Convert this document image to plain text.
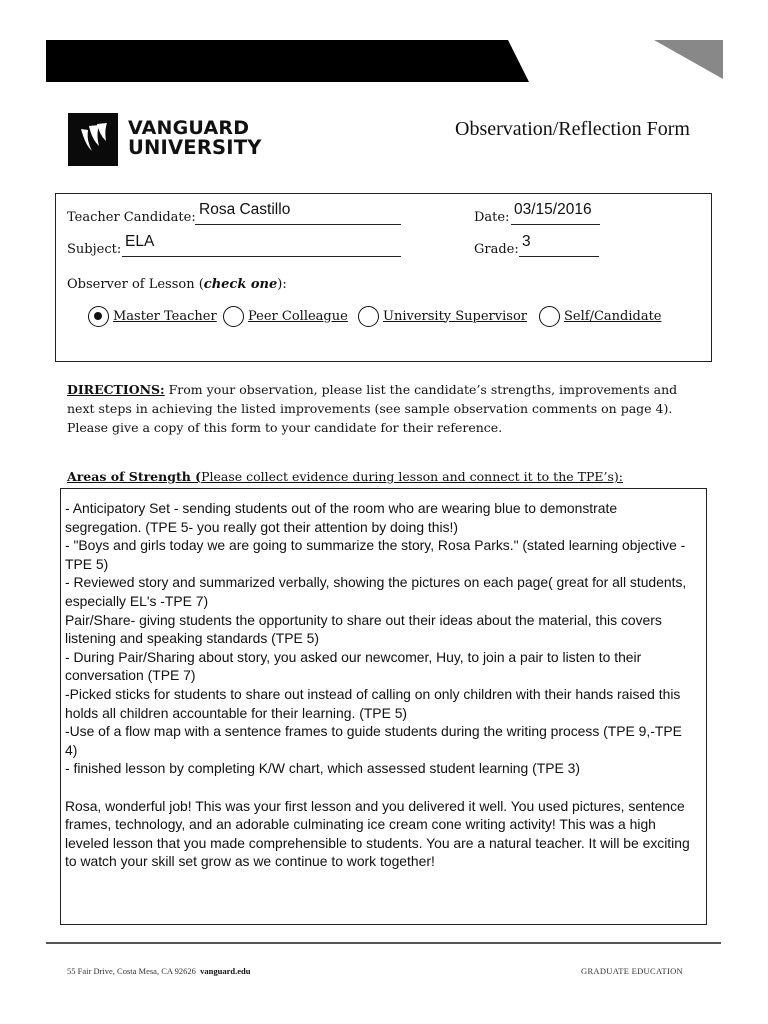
VANGUARD
UNIVERSITY
Observation/Reflection Form
Teacher Candidate: Rosa Castillo	Date: 03/15/2016
Subject: ELA	Grade: 3
Observer of Lesson (check one):
Master Teacher Peer Colleague	University Supervisor	Self/Candidate
DIRECTIONS: From your observation, please list the candidate’s strengths, improvements and next steps in achieving the listed improvements (see sample observation comments on page 4). Please give a copy of this form to your candidate for their reference.
Areas of Strength (Please collect evidence during lesson and connect it to the TPE’s):

- Anticipatory Set - sending students out of the room who are wearing blue to demonstrate segregation. (TPE 5- you really got their attention by doing this!)

- "Boys and girls today we are going to summarize the story, Rosa Parks." (stated learning objective -TPE 5)

- Reviewed story and summarized verbally, showing the pictures on each page( great for all students, especially EL's -TPE 7)

Pair/Share- giving students the opportunity to share out their ideas about the material, this covers listening and speaking standards (TPE 5)

- During Pair/Sharing about story, you asked our newcomer, Huy, to join a pair to listen to their conversation (TPE 7)

-Picked sticks for students to share out instead of calling on only children with their hands raised this holds all children accountable for their learning. (TPE 5)

-Use of a flow map with a sentence frames to guide students during the writing process (TPE 9,-TPE 4)

- finished lesson by completing K/W chart, which assessed student learning (TPE 3)

Rosa, wonderful job! This was your first lesson and you delivered it well. You used pictures, sentence frames, technology, and an adorable culminating ice cream cone writing activity! This was a high leveled lesson that you made comprehensible to students. You are a natural teacher. It will be exciting to watch your skill set grow as we continue to work together!

55 Fair Drive, Costa Mesa, CA 92626 vanguard.edu	GRADUATE EDUCATION
